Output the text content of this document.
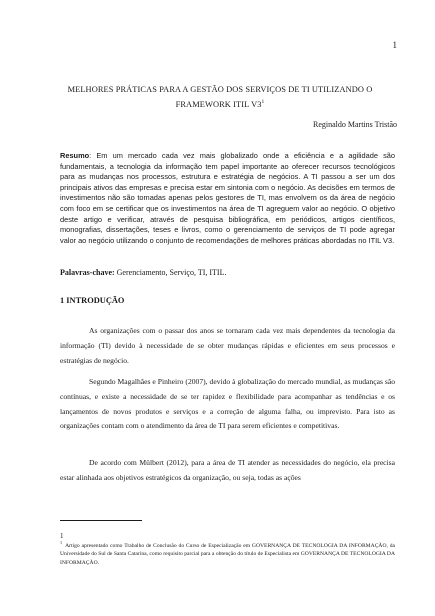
1
MELHORES PRÁTICAS PARA A GESTÃO DOS SERVIÇOS DE TI UTILIZANDO O FRAMEWORK ITIL $V3^1$
Reginaldo Martins Tristão
Resumo: Em um mercado cada vez mais globalizado onde a eficiência e a agilidade são fundamentais, a tecnologia da informação tem papel importante ao oferecer recursos tecnológicos para as mudanças nos processos, estrutura e estratégia de negócios. A TI passou a ser um dos principais ativos das empresas e precisa estar em sintonia com o negócio. As decisões em termos de investimentos não são tomadas apenas pelos gestores de TI, mas envolvem os da área de negócio com foco em se certificar que os investimentos na área de TI agreguem valor ao negócio. O objetivo deste artigo e verificar, através de pesquisa bibliográfica, em periódicos, artigos científicos, monografias, dissertações, teses e livros, como o gerenciamento de serviços de TI pode agregar valor ao negócio utilizando o conjunto de recomendações de melhores práticas abordadas no ITIL V3.
Palavras-chave: Gerenciamento, Serviço, TI, ITIL.
1 INTRODUÇÃO

As organizações com o passar dos anos se tornaram cada vez mais dependentes da tecnologia da informação (TI) devido à necessidade de se obter mudanças rápidas e eficientes em seus processos e estratégias de negócio.

Segundo Magalhães e Pinheiro (2007), devido à globalização do mercado mundial, as mudanças são contínuas, e existe a necessidade de se ter rapidez e flexibilidade para acompanhar as tendências e os lançamentos de novos produtos e serviços e a correção de alguma falha, ou imprevisto. Para isto as organizações contam com o atendimento da área de TI para serem eficientes e competitivas.

De acordo com Mülbert (2012), para a área de TI atender as necessidades do negócio, ela precisa estar alinhada aos objetivos estratégicos da organização, ou seja, todas as ações

1
$^1$Artigo apresentado como Trabalho de Conclusão do Curso de Especialização em GOVERNANÇA DE TECNOLOGIA DA INFORMAÇÃO, da Universidade do Sul de Santa Catarina, como requisito parcial para a obtenção do título de Especialista em GOVERNANÇA DE TECNOLOGIA DA INFORMAÇÃO.
